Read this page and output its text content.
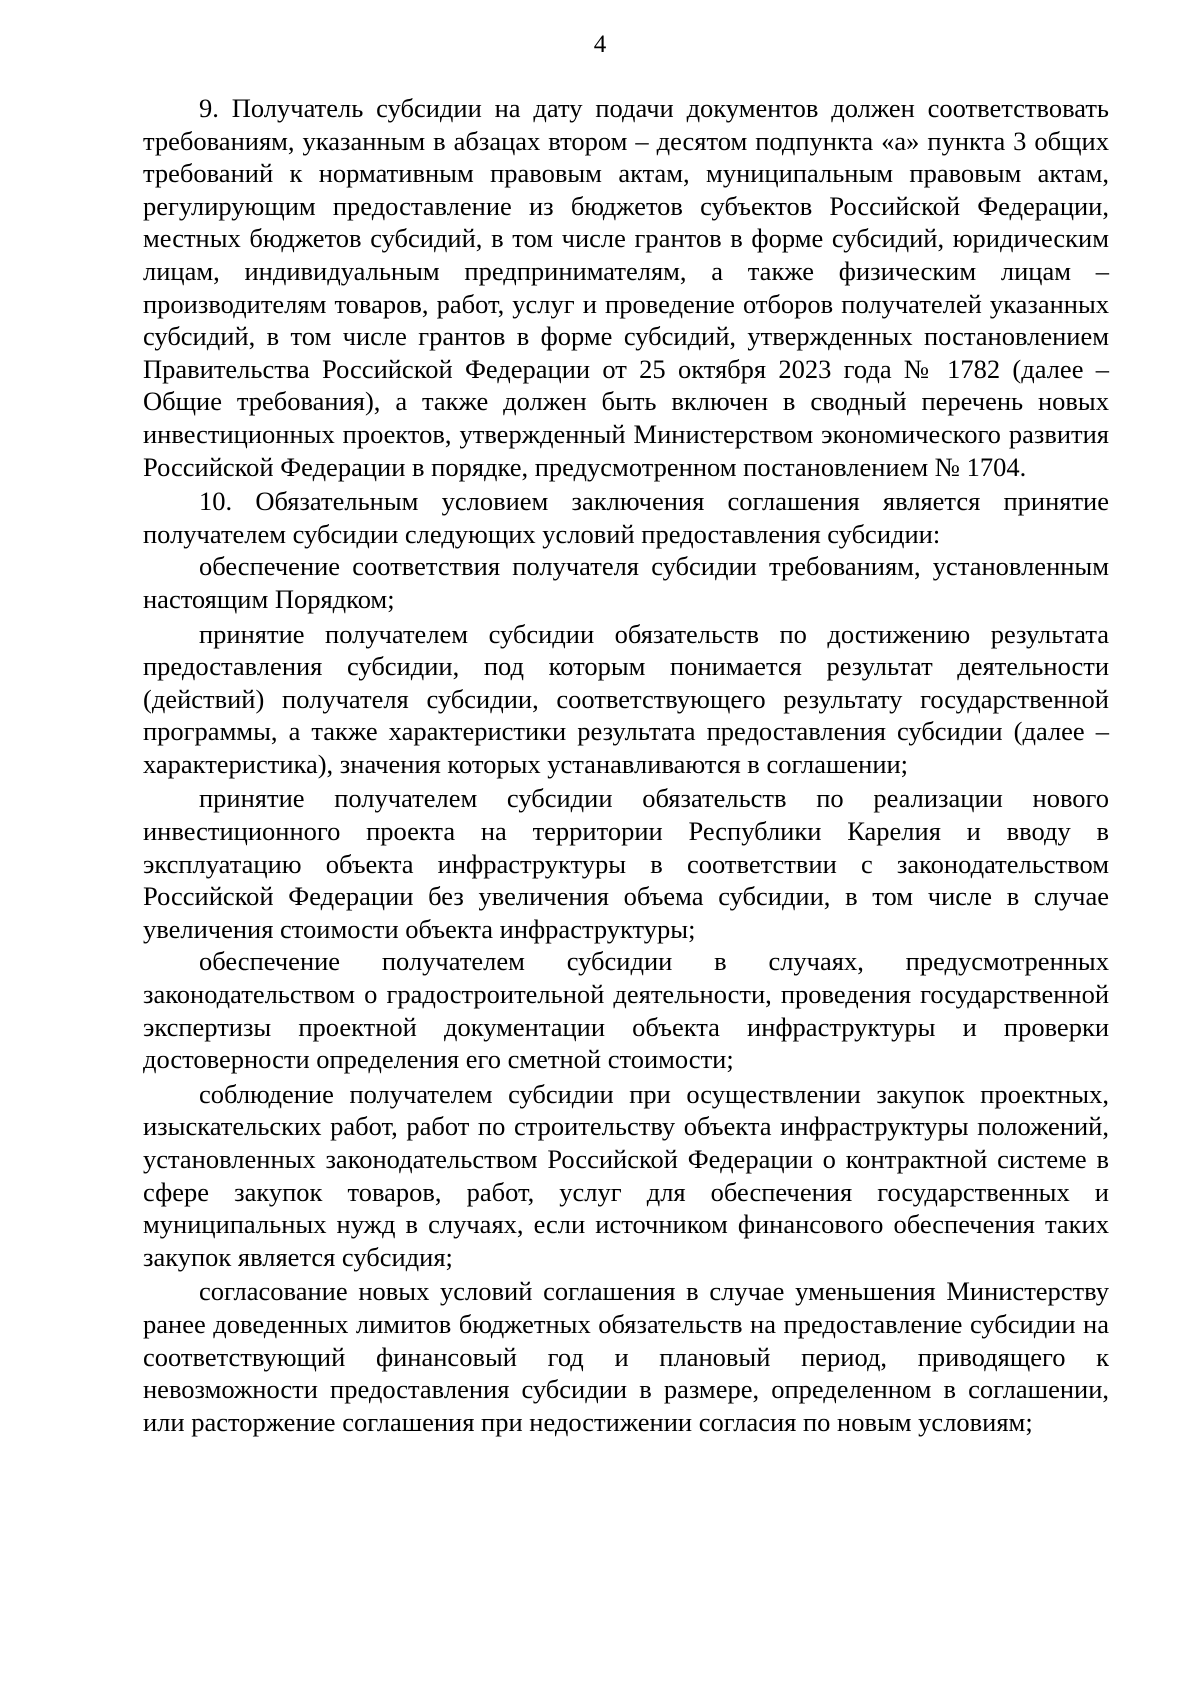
4

9. Получатель субсидии на дату подачи документов должен соответствовать требованиям, указанным в абзацах втором – десятом подпункта «а» пункта 3 общих требований к нормативным правовым актам, муниципальным правовым актам, регулирующим предоставление из бюджетов субъектов Российской Федерации, местных бюджетов субсидий, в том числе грантов в форме субсидий, юридическим лицам, индивидуальным предпринимателям, а также физическим лицам – производителям товаров, работ, услуг и проведение отборов получателей указанных субсидий, в том числе грантов в форме субсидий, утвержденных постановлением Правительства Российской Федерации от 25 октября 2023 года № 1782 (далее – Общие требования), а также должен быть включен в сводный перечень новых инвестиционных проектов, утвержденный Министерством экономического развития Российской Федерации в порядке, предусмотренном постановлением № 1704.

10. Обязательным условием заключения соглашения является принятие получателем субсидии следующих условий предоставления субсидии:

обеспечение соответствия получателя субсидии требованиям, установленным настоящим Порядком;

принятие получателем субсидии обязательств по достижению результата предоставления субсидии, под которым понимается результат деятельности (действий) получателя субсидии, соответствующего результату государственной программы, а также характеристики результата предоставления субсидии (далее – характеристика), значения которых устанавливаются в соглашении;

принятие получателем субсидии обязательств по реализации нового инвестиционного проекта на территории Республики Карелия и вводу в эксплуатацию объекта инфраструктуры в соответствии с законодательством Российской Федерации без увеличения объема субсидии, в том числе в случае увеличения стоимости объекта инфраструктуры;

обеспечение получателем субсидии в случаях, предусмотренных законодательством о градостроительной деятельности, проведения государственной экспертизы проектной документации объекта инфраструктуры и проверки достоверности определения его сметной стоимости;

соблюдение получателем субсидии при осуществлении закупок проектных, изыскательских работ, работ по строительству объекта инфраструктуры положений, установленных законодательством Российской Федерации о контрактной системе в сфере закупок товаров, работ, услуг для обеспечения государственных и муниципальных нужд в случаях, если источником финансового обеспечения таких закупок является субсидия;

согласование новых условий соглашения в случае уменьшения Министерству ранее доведенных лимитов бюджетных обязательств на предоставление субсидии на соответствующий финансовый год и плановый период, приводящего к невозможности предоставления субсидии в размере, определенном в соглашении, или расторжение соглашения при недостижении согласия по новым условиям;
